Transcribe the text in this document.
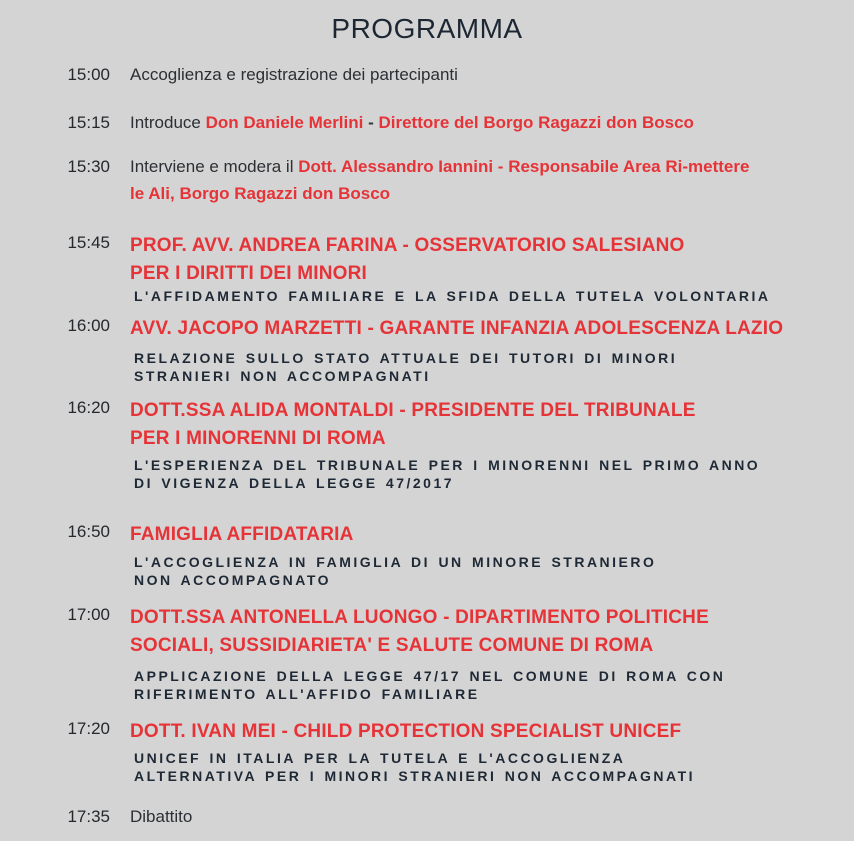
PROGRAMMA
15:00 Accoglienza e registrazione dei partecipanti
15:15 Introduce Don Daniele Merlini - Direttore del Borgo Ragazzi don Bosco
15:30 Interviene e modera il Dott. Alessandro Iannini - Responsabile Area Ri-mettere
le Ali, Borgo Ragazzi don Bosco
15:45 PROF. AVV. ANDREA FARINA - OSSERVATORIO SALESIANO
PER I DIRITTI DEI MINORI
L'AFFIDAMENTO FAMILIARE E LA SFIDA DELLA TUTELA VOLONTARIA
16:00 AVV. JACOPO MARZETTI - GARANTE INFANZIA ADOLESCENZA LAZIO
RELAZIONE SULLO STATO ATTUALE DEI TUTORI DI MINORI
STRANIERI NON ACCOMPAGNATI
16:20 DOTT.SSA ALIDA MONTALDI - PRESIDENTE DEL TRIBUNALE
PER I MINORENNI DI ROMA
L'ESPERIENZA DEL TRIBUNALE PER I MINORENNI NEL PRIMO ANNO
DI VIGENZA DELLA LEGGE 47/2017
16:50 FAMIGLIA AFFIDATARIA
L'ACCOGLIENZA IN FAMIGLIA DI UN MINORE STRANIERO
NON ACCOMPAGNATO
17:00 DOTT.SSA ANTONELLA LUONGO - DIPARTIMENTO POLITICHE
SOCIALI, SUSSIDIARIETA' E SALUTE COMUNE DI ROMA
APPLICAZIONE DELLA LEGGE 47/17 NEL COMUNE DI ROMA CON
RIFERIMENTO ALL'AFFIDO FAMILIARE
17:20 DOTT. IVAN MEI - CHILD PROTECTION SPECIALIST UNICEF
UNICEF IN ITALIA PER LA TUTELA E L'ACCOGLIENZA
ALTERNATIVA PER I MINORI STRANIERI NON ACCOMPAGNATI
17:35 Dibattito
